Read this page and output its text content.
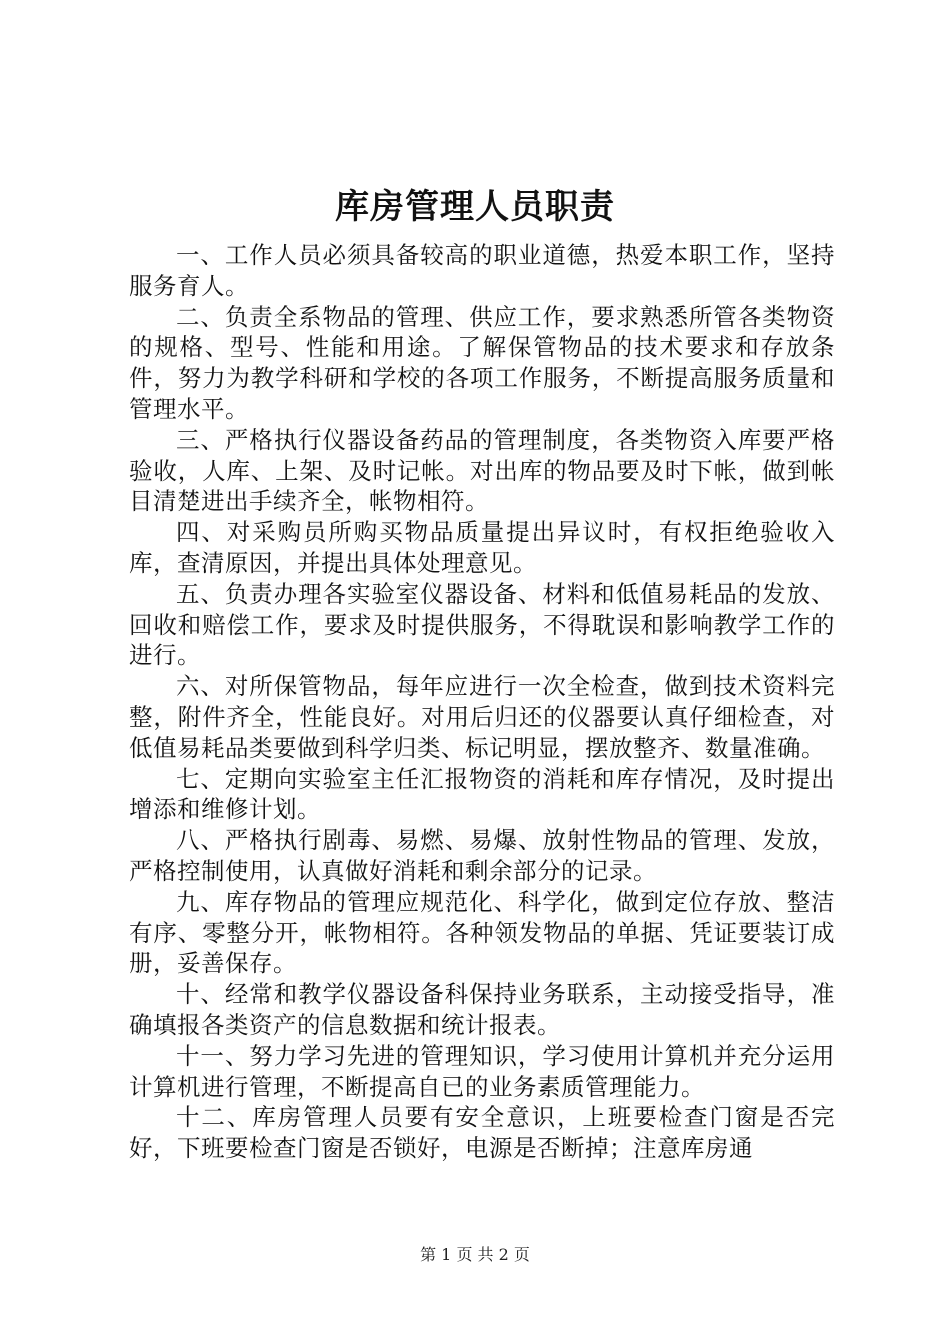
库房管理人员职责

一、工作人员必须具备较高的职业道德，热爱本职工作，坚持服务育人。

二、负责全系物品的管理、供应工作，要求熟悉所管各类物资的规格、型号、性能和用途。了解保管物品的技术要求和存放条件，努力为教学科研和学校的各项工作服务，不断提高服务质量和管理水平。

三、严格执行仪器设备药品的管理制度，各类物资入库要严格验收，人库、上架、及时记帐。对出库的物品要及时下帐，做到帐目清楚进出手续齐全，帐物相符。

四、对采购员所购买物品质量提出异议时，有权拒绝验收入库，查清原因，并提出具体处理意见。

五、负责办理各实验室仪器设备、材料和低值易耗品的发放、回收和赔偿工作，要求及时提供服务，不得耽误和影响教学工作的进行。

六、对所保管物品，每年应进行一次全检查，做到技术资料完整，附件齐全，性能良好。对用后归还的仪器要认真仔细检查，对低值易耗品类要做到科学归类、标记明显，摆放整齐、数量准确。

七、定期向实验室主任汇报物资的消耗和库存情况，及时提出增添和维修计划。

八、严格执行剧毒、易燃、易爆、放射性物品的管理、发放，严格控制使用，认真做好消耗和剩余部分的记录。

九、库存物品的管理应规范化、科学化，做到定位存放、整洁有序、零整分开，帐物相符。各种领发物品的单据、凭证要装订成册，妥善保存。

十、经常和教学仪器设备科保持业务联系，主动接受指导，准确填报各类资产的信息数据和统计报表。

十一、努力学习先进的管理知识，学习使用计算机并充分运用计算机进行管理，不断提高自已的业务素质管理能力。

十二、库房管理人员要有安全意识，上班要检查门窗是否完好，下班要检查门窗是否锁好，电源是否断掉；注意库房通

第 1 页 共 2 页
